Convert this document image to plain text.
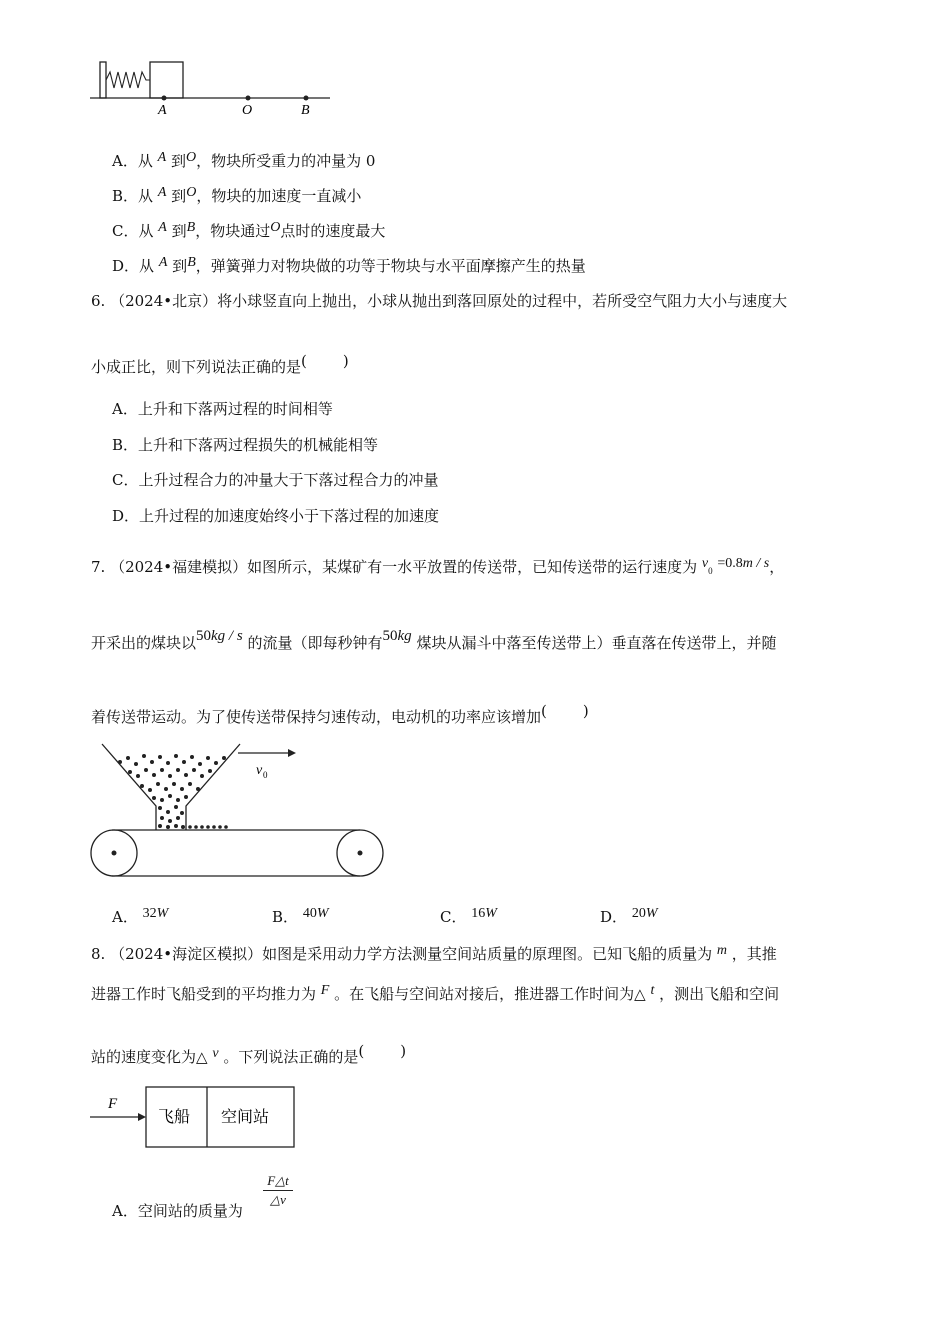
A	O	B
A．从 A 到O，物块所受重力的冲量为 0
B．从 A 到O，物块的加速度一直减小
C．从 A 到B，物块通过O点时的速度最大
D．从 A 到B，弹簧弹力对物块做的功等于物块与水平面摩擦产生的热量
6. （2024•北京）将小球竖直向上抛出，小球从抛出到落回原处的过程中，若所受空气阻力大小与速度大
小成正比，则下列说法正确的是( )
A．上升和下落两过程的时间相等
B．上升和下落两过程损失的机械能相等
C．上升过程合力的冲量大于下落过程合力的冲量
D．上升过程的加速度始终小于下落过程的加速度
7. （2024•福建模拟）如图所示，某煤矿有一水平放置的传送带，已知传送带的运行速度为 $v_0 =0.8m / s$，
开采出的煤块以50kg / s 的流量（即每秒钟有50kg 煤块从漏斗中落至传送带上）垂直落在传送带上，并随
着传送带运动。为了使传送带保持匀速传动，电动机的功率应该增加( )
v 0
A． 32W	B． 40W	C． 16W	D． 20W
8. （2024•海淀区模拟）如图是采用动力学方法测量空间站质量的原理图。已知飞船的质量为 m ，其推
进器工作时飞船受到的平均推力为 F 。在飞船与空间站对接后，推进器工作时间为△ t ，测出飞船和空间
站的速度变化为△ v 。下列说法正确的是( )
F
飞船 空间站
A．空间站的质量为
$\frac{F\triangle t}{\triangle v}$
